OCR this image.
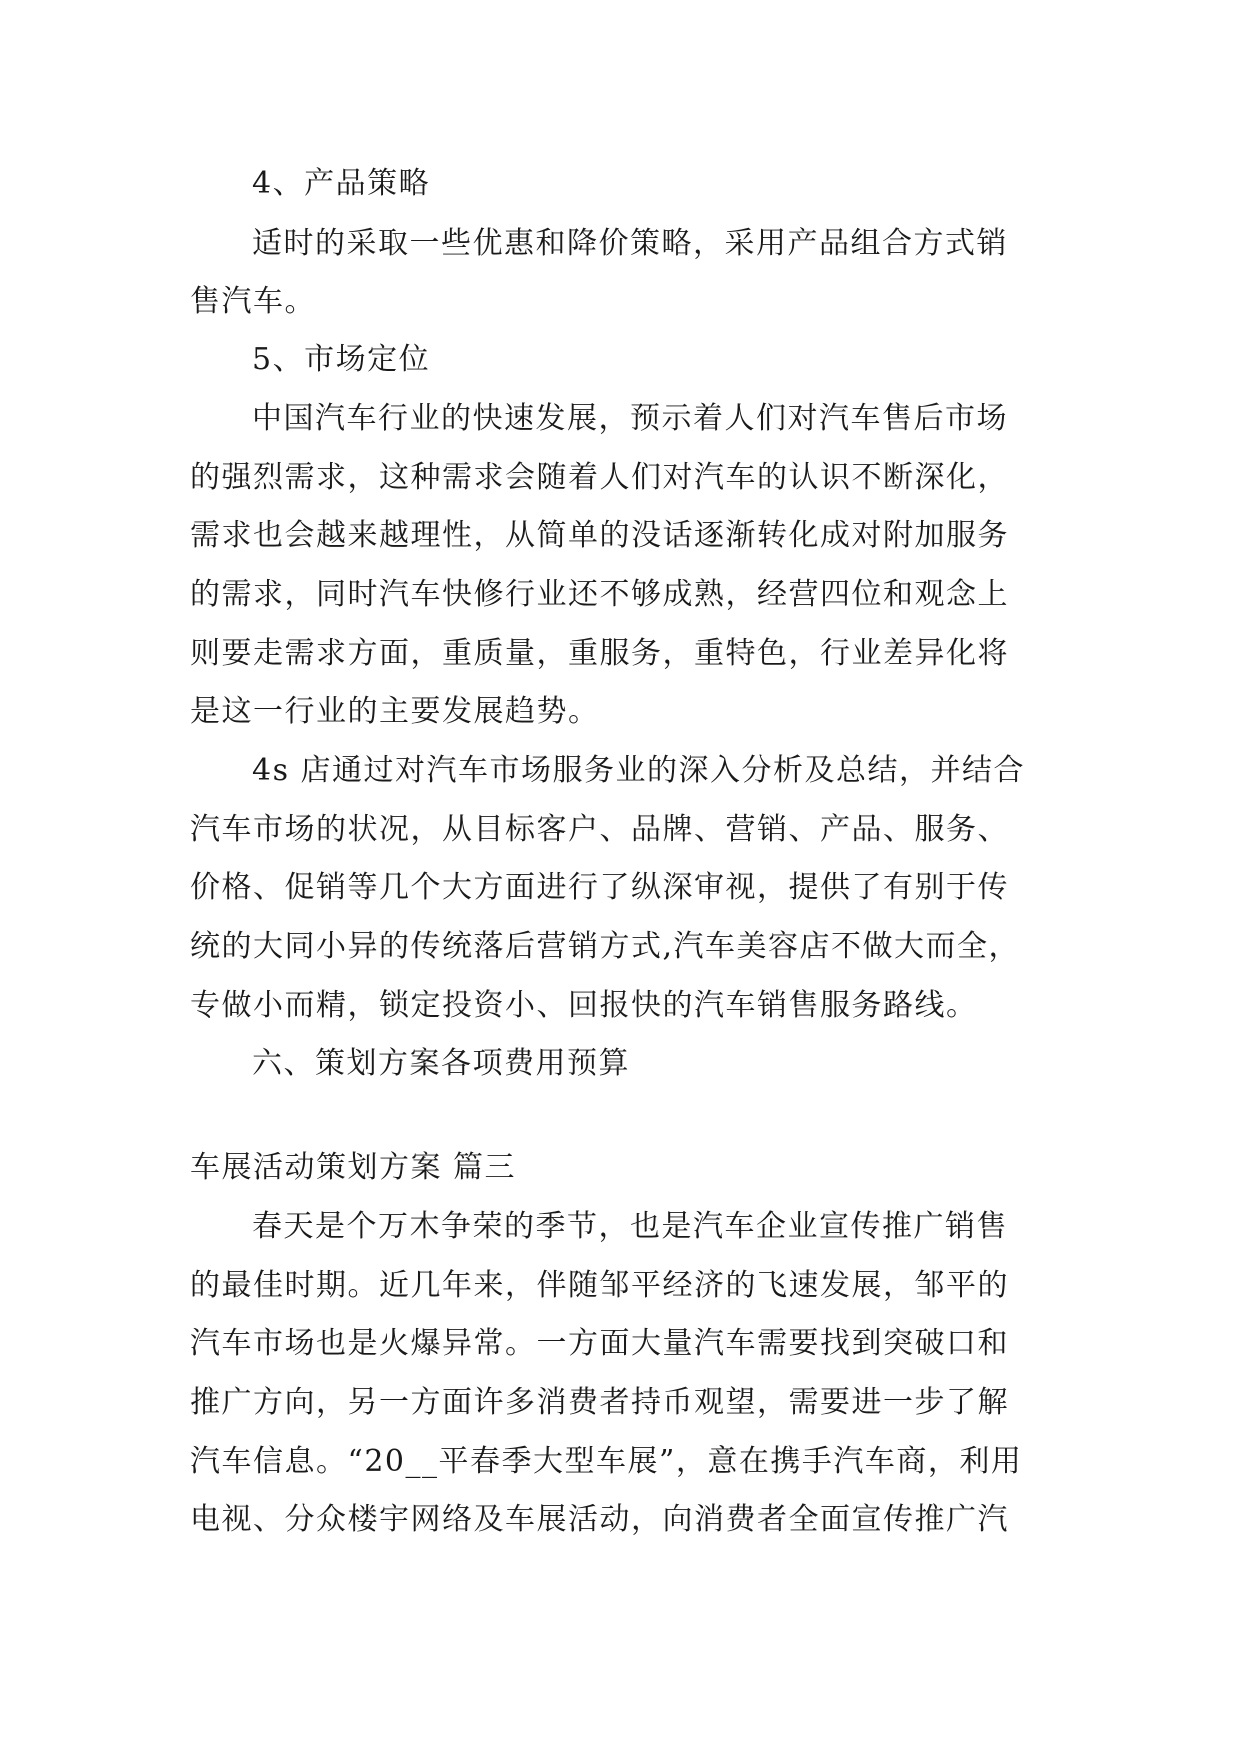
4、产品策略
适时的采取一些优惠和降价策略，采用产品组合方式销
售汽车。
5、市场定位
中国汽车行业的快速发展，预示着人们对汽车售后市场
的强烈需求，这种需求会随着人们对汽车的认识不断深化，
需求也会越来越理性，从简单的没话逐渐转化成对附加服务
的需求，同时汽车快修行业还不够成熟，经营四位和观念上
则要走需求方面，重质量，重服务，重特色，行业差异化将
是这一行业的主要发展趋势。
4s 店通过对汽车市场服务业的深入分析及总结，并结合
汽车市场的状况，从目标客户、品牌、营销、产品、服务、
价格、促销等几个大方面进行了纵深审视，提供了有别于传
统的大同小异的传统落后营销方式,汽车美容店不做大而全，
专做小而精，锁定投资小、回报快的汽车销售服务路线。
六、策划方案各项费用预算
车展活动策划方案 篇三
春天是个万木争荣的季节，也是汽车企业宣传推广销售
的最佳时期。近几年来，伴随邹平经济的飞速发展，邹平的
汽车市场也是火爆异常。一方面大量汽车需要找到突破口和
推广方向，另一方面许多消费者持币观望，需要进一步了解
汽车信息。“20__平春季大型车展”，意在携手汽车商，利用
电视、分众楼宇网络及车展活动，向消费者全面宣传推广汽
